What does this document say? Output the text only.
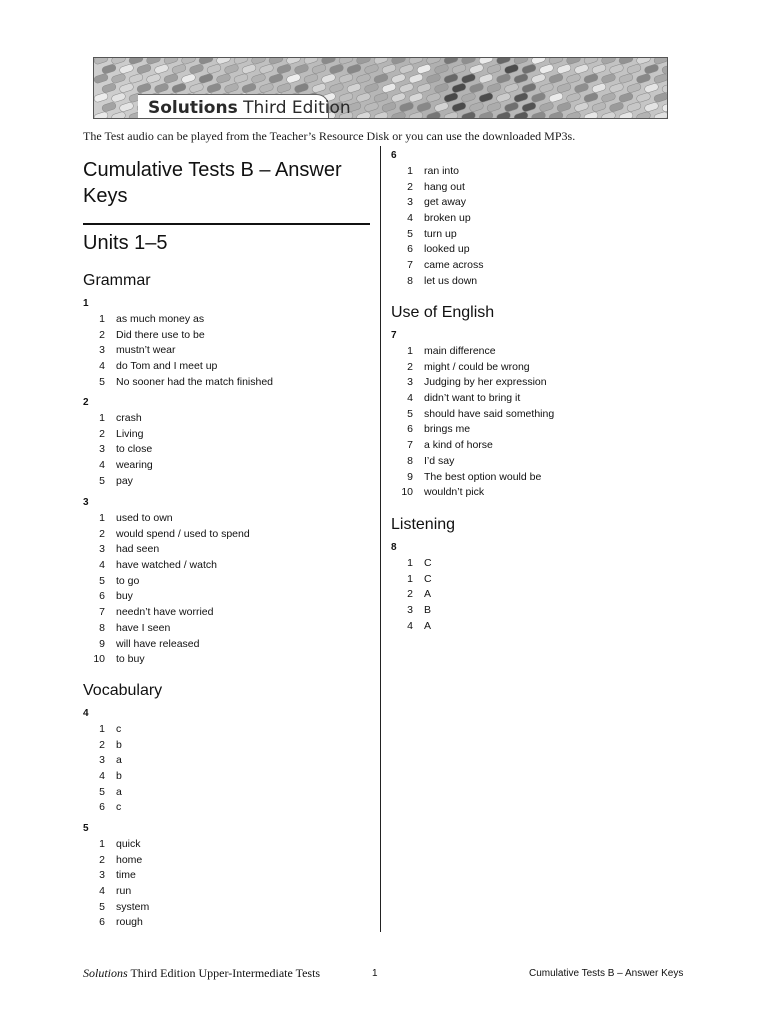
Solutions Third Edition
The Test audio can be played from the Teacher’s Resource Disk or you can use the downloaded MP3s.
Cumulative Tests B – Answer Keys
Units 1–5
Grammar
1
1 as much money as
2 Did there use to be
3 mustn’t wear
4 do Tom and I meet up
5 No sooner had the match finished
2
1 crash
2 Living
3 to close
4 wearing
5 pay
3
1 used to own
2 would spend / used to spend
3 had seen
4 have watched / watch
5 to go
6 buy
7 needn’t have worried
8 have I seen
9 will have released
10 to buy
Vocabulary
4
1 c
2 b
3 a
4 b
5 a
6 c
5
1 quick
2 home
3 time
4 run
5 system
6 rough
6
1 ran into
2 hang out
3 get away
4 broken up
5 turn up
6 looked up
7 came across
8 let us down
Use of English
7
1 main difference
2 might / could be wrong
3 Judging by her expression
4 didn’t want to bring it
5 should have said something
6 brings me
7 a kind of horse
8 I’d say
9 The best option would be
10 wouldn’t pick
Listening
8
1 C
1 C
2 A
3 B
4 A
Solutions Third Edition Upper-Intermediate Tests	1	Cumulative Tests B – Answer Keys
